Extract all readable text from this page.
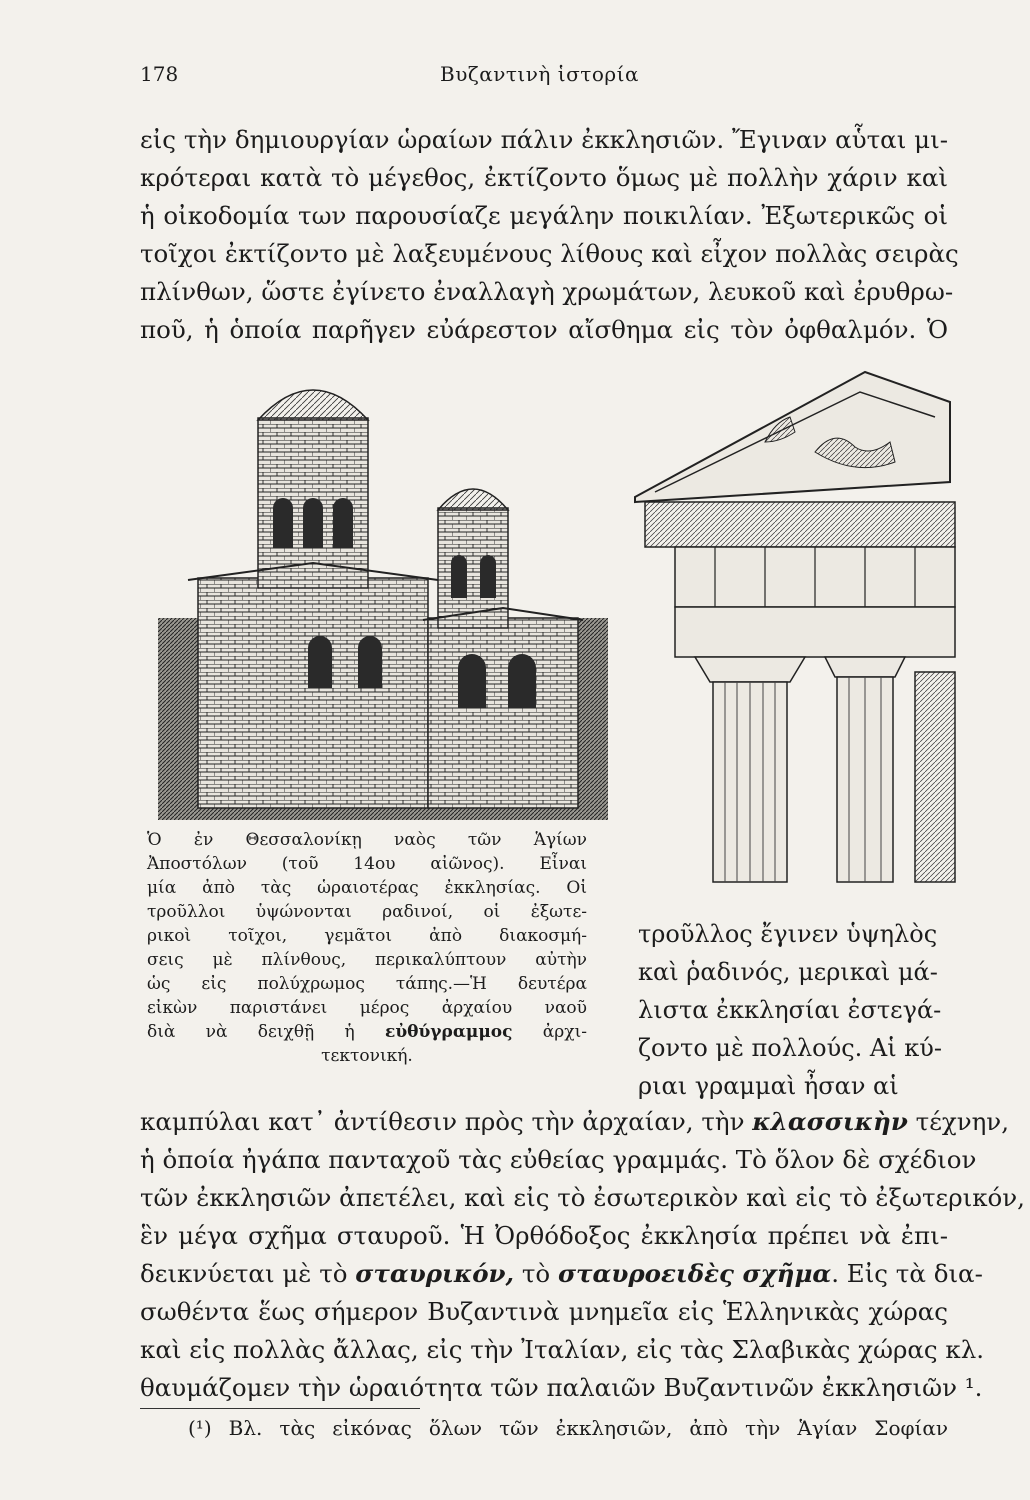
178	Βυζαντινὴ ἱστορία
εἰς τὴν δημιουργίαν ὡραίων πάλιν ἐκκλησιῶν. Ἔγιναν αὗται μι-
κρότεραι κατὰ τὸ μέγεθος, ἐκτίζοντο ὅμως μὲ πολλὴν χάριν καὶ
ἡ οἰκοδομία των παρουσίαζε μεγάλην ποικιλίαν. Ἐξωτερικῶς οἱ
τοῖχοι ἐκτίζοντο μὲ λαξευμένους λίθους καὶ εἶχον πολλὰς σειρὰς
πλίνθων, ὥστε ἐγίνετο ἐναλλαγὴ χρωμάτων, λευκοῦ καὶ ἐρυθρω-
ποῦ, ἡ ὁποία παρῆγεν εὐάρεστον αἴσθημα εἰς τὸν ὀφθαλμόν. Ὁ
Ὁ ἐν Θεσσαλονίκῃ ναὸς τῶν Ἁγίων
Ἀποστόλων (τοῦ 14ου αἰῶνος). Εἶναι
μία ἀπὸ τὰς ὡραιοτέρας ἐκκλησίας. Οἱ
τροῦλλοι ὑψώνονται ραδινοί, οἱ ἐξωτε-
ρικοὶ τοῖχοι, γεμᾶτοι ἀπὸ διακοσμή-
σεις μὲ πλίνθους, περικαλύπτουν αὐτὴν
ὡς εἰς πολύχρωμος τάπης.—Ἡ δευτέρα
εἰκὼν παριστάνει μέρος ἀρχαίου ναοῦ
διὰ νὰ δειχθῇ ἡ εὐθύγραμμος ἀρχι-
τεκτονική.
τροῦλλος ἔγινεν ὑψηλὸς
καὶ ῥαδινός, μερικαὶ μά-
λιστα ἐκκλησίαι ἐστεγά-
ζοντο μὲ πολλούς. Αἱ κύ-
ριαι γραμμαὶ ἦσαν αἱ
καμπύλαι κατ᾽ ἀντίθεσιν πρὸς τὴν ἀρχαίαν, τὴν κλασσικὴν τέχνην,
ἡ ὁποία ἠγάπα πανταχοῦ τὰς εὐθείας γραμμάς. Τὸ ὅλον δὲ σχέδιον
τῶν ἐκκλησιῶν ἀπετέλει, καὶ εἰς τὸ ἐσωτερικὸν καὶ εἰς τὸ ἐξωτερικόν,
ἓν μέγα σχῆμα σταυροῦ. Ἡ Ὀρθόδοξος ἐκκλησία πρέπει νὰ ἐπι-
δεικνύεται μὲ τὸ σταυρικόν, τὸ σταυροειδὲς σχῆμα. Εἰς τὰ δια-
σωθέντα ἕως σήμερον Βυζαντινὰ μνημεῖα εἰς Ἑλληνικὰς χώρας
καὶ εἰς πολλὰς ἄλλας, εἰς τὴν Ἰταλίαν, εἰς τὰς Σλαβικὰς χώρας κλ.
θαυμάζομεν τὴν ὡραιότητα τῶν παλαιῶν Βυζαντινῶν ἐκκλησιῶν ¹.
(¹) Βλ. τὰς εἰκόνας ὅλων τῶν ἐκκλησιῶν, ἀπὸ τὴν Ἁγίαν Σοφίαν
